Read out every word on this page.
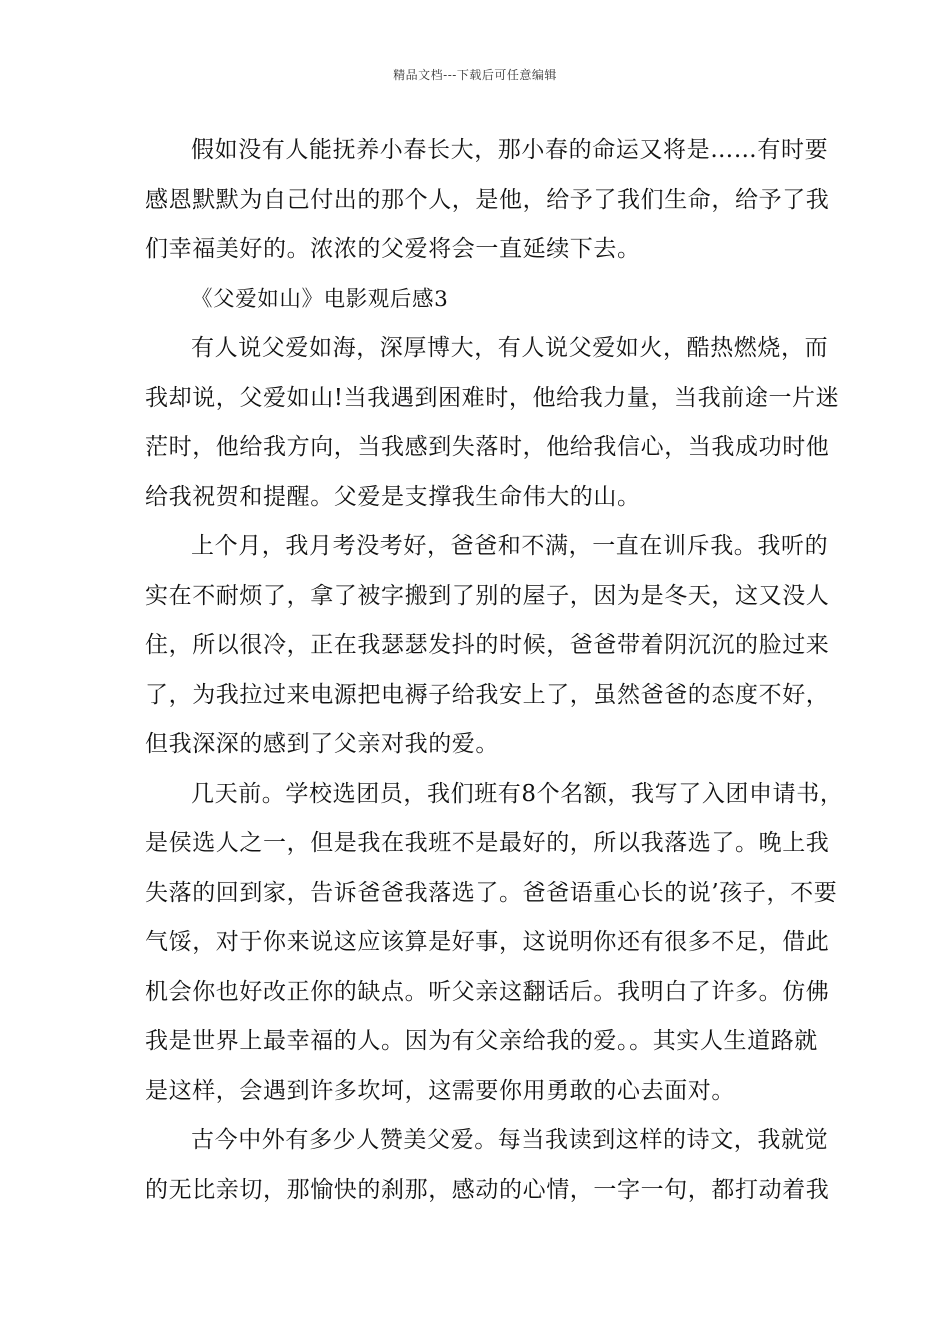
精品文档---下载后可任意编辑
假如没有人能抚养小春长大，那小春的命运又将是……有时要
感恩默默为自己付出的那个人，是他，给予了我们生命，给予了我
们幸福美好的。浓浓的父爱将会一直延续下去。
《父爱如山》电影观后感3
有人说父爱如海，深厚博大，有人说父爱如火，酷热燃烧，而
我却说，父爱如山!当我遇到困难时，他给我力量，当我前途一片迷
茫时，他给我方向，当我感到失落时，他给我信心，当我成功时他
给我祝贺和提醒。父爱是支撑我生命伟大的山。
上个月，我月考没考好，爸爸和不满，一直在训斥我。我听的
实在不耐烦了，拿了被字搬到了别的屋子，因为是冬天，这又没人
住，所以很冷，正在我瑟瑟发抖的时候，爸爸带着阴沉沉的脸过来
了，为我拉过来电源把电褥子给我安上了，虽然爸爸的态度不好，
但我深深的感到了父亲对我的爱。
几天前。学校选团员，我们班有8个名额，我写了入团申请书，
是侯选人之一，但是我在我班不是最好的，所以我落选了。晚上我
失落的回到家，告诉爸爸我落选了。爸爸语重心长的说’孩子，不要
气馁，对于你来说这应该算是好事，这说明你还有很多不足，借此
机会你也好改正你的缺点。听父亲这翻话后。我明白了许多。仿佛
我是世界上最幸福的人。因为有父亲给我的爱。。其实人生道路就
是这样，会遇到许多坎坷，这需要你用勇敢的心去面对。
古今中外有多少人赞美父爱。每当我读到这样的诗文，我就觉
的无比亲切，那愉快的刹那，感动的心情，一字一句，都打动着我
